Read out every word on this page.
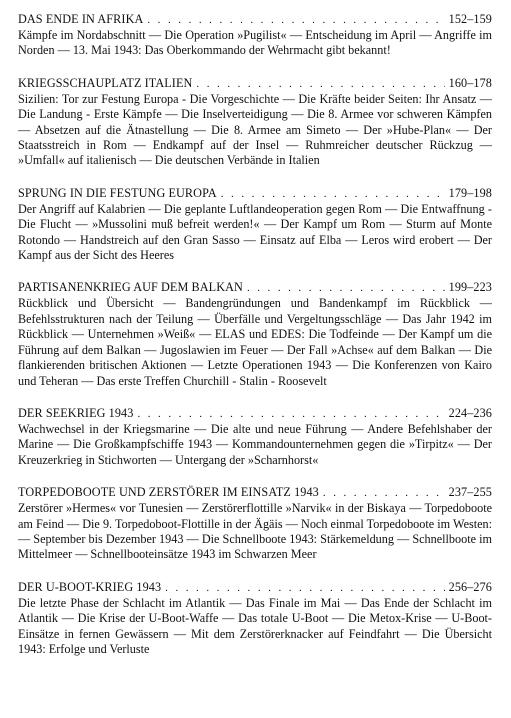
DAS ENDE IN AFRIKA . . .	152–159

Kämpfe im Nordabschnitt — Die Operation »Pugilist« — Entscheidung im April — Angriffe im Norden — 13. Mai 1943: Das Oberkommando der Wehrmacht gibt bekannt!

KRIEGSSCHAUPLATZ ITALIEN . . .	160–178

Sizilien: Tor zur Festung Europa - Die Vorgeschichte — Die Kräfte beider Seiten: Ihr Ansatz — Die Landung - Erste Kämpfe — Die Inselverteidigung — Die 8. Armee vor schweren Kämpfen — Absetzen auf die Ätnastellung — Die 8. Armee am Simeto — Der »Hube-Plan« — Der Staatsstreich in Rom — Endkampf auf der Insel — Ruhmreicher deutscher Rückzug — »Umfall« auf italienisch — Die deutschen Verbände in Italien

SPRUNG IN DIE FESTUNG EUROPA . . .	179–198

Der Angriff auf Kalabrien — Die geplante Luftlandeoperation gegen Rom — Die Entwaffnung - Die Flucht — »Mussolini muß befreit werden!« — Der Kampf um Rom — Sturm auf Monte Rotondo — Handstreich auf den Gran Sasso — Einsatz auf Elba — Leros wird erobert — Der Kampf aus der Sicht des Heeres

PARTISANENKRIEG AUF DEM BALKAN . . .	199–223

Rückblick und Übersicht — Bandengründungen und Bandenkampf im Rückblick — Befehlsstrukturen nach der Teilung — Überfälle und Vergeltungsschläge — Das Jahr 1942 im Rückblick — Unternehmen »Weiß« — ELAS und EDES: Die Todfeinde — Der Kampf um die Führung auf dem Balkan — Jugoslawien im Feuer — Der Fall »Achse« auf dem Balkan — Die flankierenden britischen Aktionen — Letzte Operationen 1943 — Die Konferenzen von Kairo und Teheran — Das erste Treffen Churchill - Stalin - Roosevelt

DER SEEKRIEG 1943 . . .	224–236

Wachwechsel in der Kriegsmarine — Die alte und neue Führung — Andere Befehlshaber der Marine — Die Großkampfschiffe 1943 — Kommandounternehmen gegen die »Tirpitz« — Der Kreuzerkrieg in Stichworten — Untergang der »Scharnhorst«

TORPEDOBOOTE UND ZERSTÖRER IM EINSATZ 1943 . . .	237–255

Zerstörer »Hermes« vor Tunesien — Zerstörerflottille »Narvik« in der Biskaya — Torpedoboote am Feind — Die 9. Torpedoboot-Flottille in der Ägäis — Noch einmal Torpedoboote im Westen: — September bis Dezember 1943 — Die Schnellboote 1943: Stärkemeldung — Schnellboote im Mittelmeer — Schnellbooteinsätze 1943 im Schwarzen Meer

DER U-BOOT-KRIEG 1943 . . .	256–276

Die letzte Phase der Schlacht im Atlantik — Das Finale im Mai — Das Ende der Schlacht im Atlantik — Die Krise der U-Boot-Waffe — Das totale U-Boot — Die Metox-Krise — U-Boot-Einsätze in fernen Gewässern — Mit dem Zerstörerknacker auf Feindfahrt — Die Übersicht 1943: Erfolge und Verluste
